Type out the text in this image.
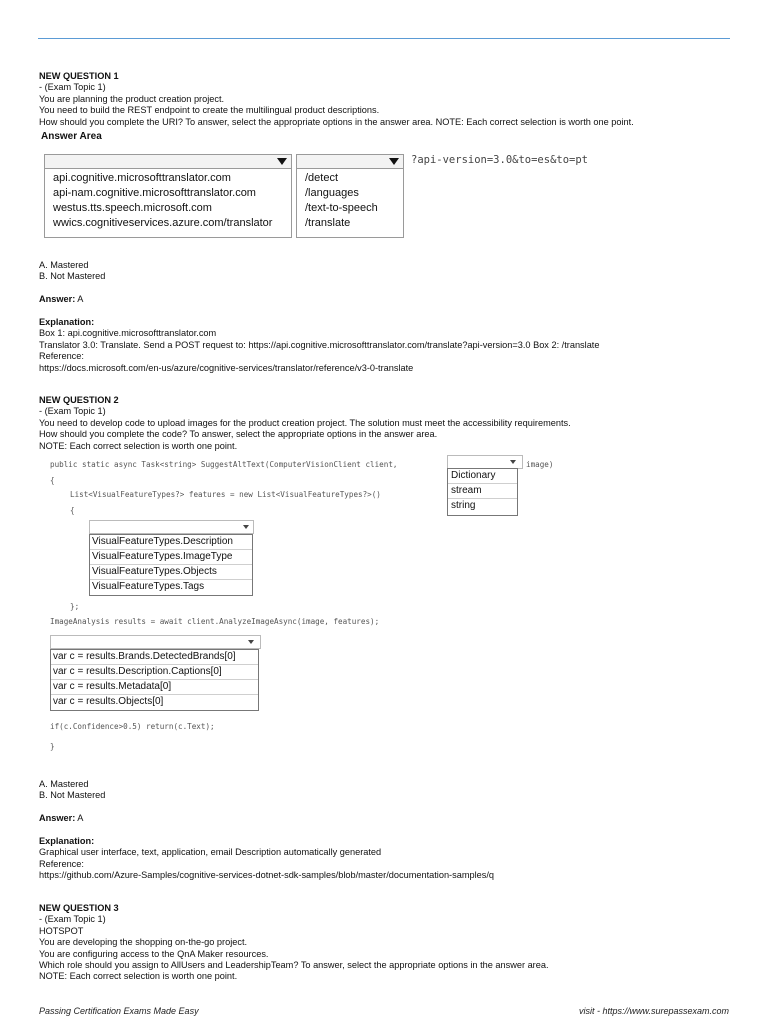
NEW QUESTION 1
- (Exam Topic 1)
You are planning the product creation project.
You need to build the REST endpoint to create the multilingual product descriptions.
How should you complete the URI? To answer, select the appropriate options in the answer area. NOTE: Each correct selection is worth one point.
Answer Area
api.cognitive.microsofttranslator.com
api-nam.cognitive.microsofttranslator.com
westus.tts.speech.microsoft.com
wwics.cognitiveservices.azure.com/translator
/detect
/languages
/text-to-speech
/translate
?api-version=3.0&to=es&to=pt
A. Mastered
B. Not Mastered
Answer: A
Explanation:
Box 1: api.cognitive.microsofttranslator.com
Translator 3.0: Translate. Send a POST request to: https://api.cognitive.microsofttranslator.com/translate?api-version=3.0 Box 2: /translate
Reference:
https://docs.microsoft.com/en-us/azure/cognitive-services/translator/reference/v3-0-translate
NEW QUESTION 2
- (Exam Topic 1)
You need to develop code to upload images for the product creation project. The solution must meet the accessibility requirements.
How should you complete the code? To answer, select the appropriate options in the answer area.
NOTE: Each correct selection is worth one point.
public static async Task<string> SuggestAltText(ComputerVisionClient client,	image)
{
List<VisualFeatureTypes?> features = new List<VisualFeatureTypes?>()
{
};
ImageAnalysis results = await client.AnalyzeImageAsync(image, features);
if(c.Confidence>0.5) return(c.Text);
}
Dictionary
stream
string
VisualFeatureTypes.Description
VisualFeatureTypes.ImageType
VisualFeatureTypes.Objects
VisualFeatureTypes.Tags
var c = results.Brands.DetectedBrands[0]
var c = results.Description.Captions[0]
var c = results.Metadata[0]
var c = results.Objects[0]
A. Mastered
B. Not Mastered
Answer: A
Explanation:
Graphical user interface, text, application, email Description automatically generated
Reference:
https://github.com/Azure-Samples/cognitive-services-dotnet-sdk-samples/blob/master/documentation-samples/q
NEW QUESTION 3
- (Exam Topic 1)
HOTSPOT
You are developing the shopping on-the-go project.
You are configuring access to the QnA Maker resources.
Which role should you assign to AllUsers and LeadershipTeam? To answer, select the appropriate options in the answer area.
NOTE: Each correct selection is worth one point.
Passing Certification Exams Made Easy	visit - https://www.surepassexam.com
